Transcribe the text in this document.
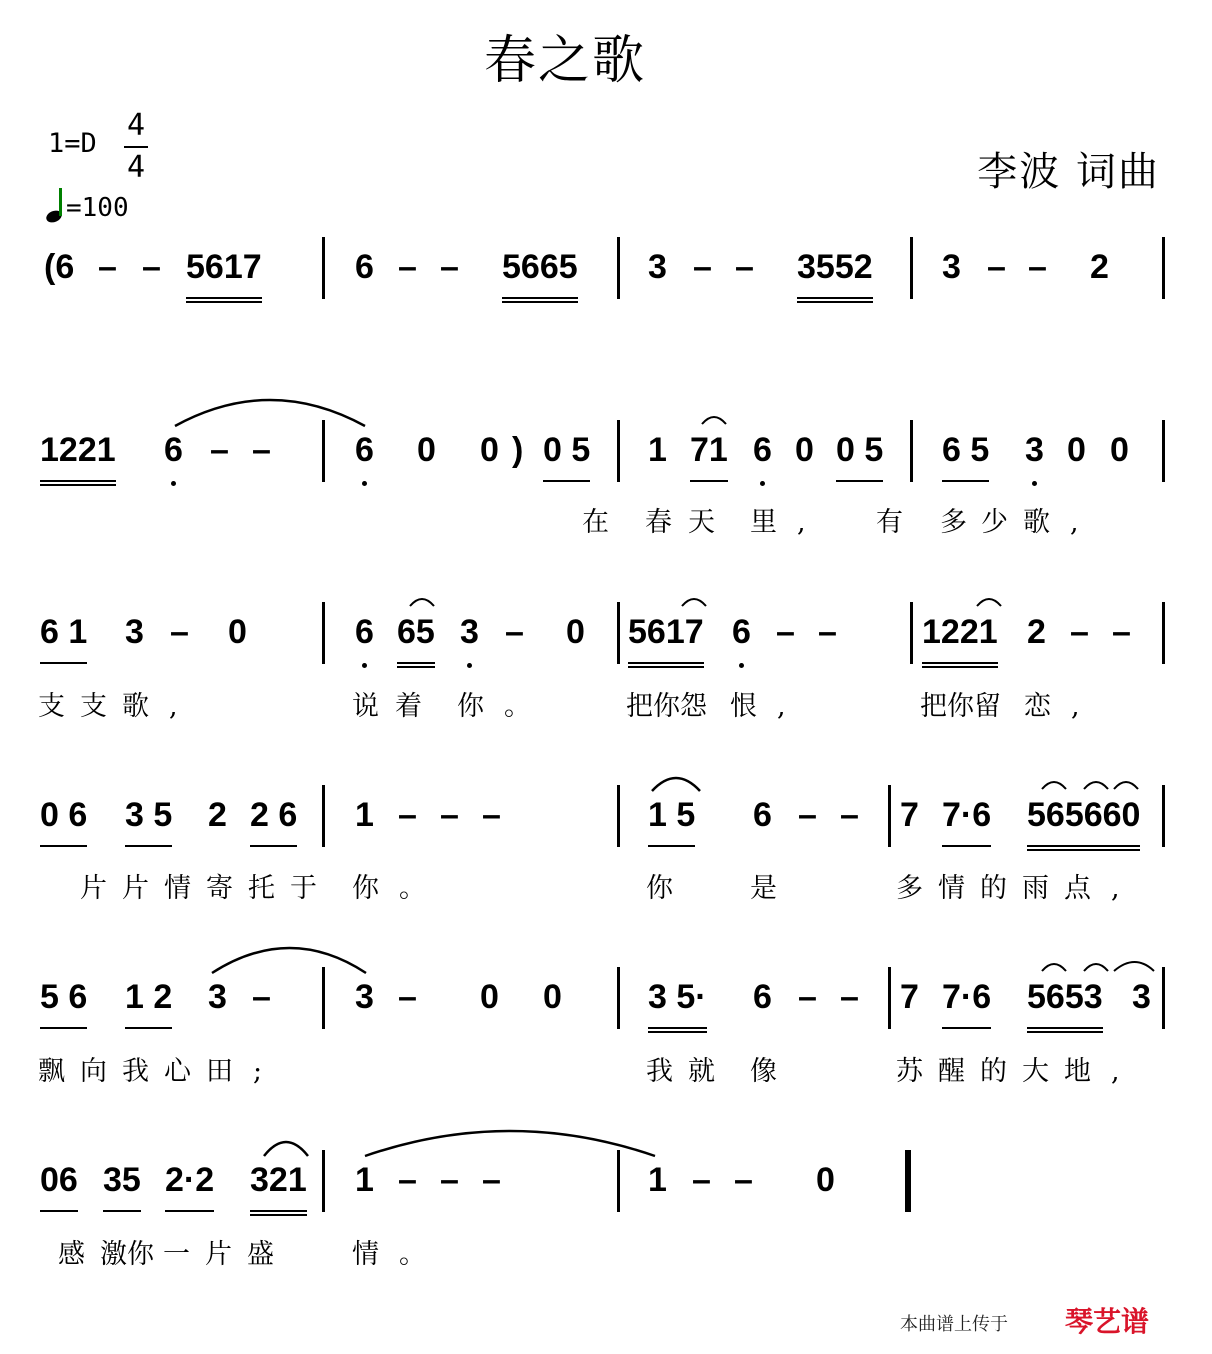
春之歌
1=D
4
4
=100
李波 词曲
(6 – – 5617	6 – – 5665 3 – – 3552 3 – – 2
1221 6 – – 6 0 0 ) 0 5 1 71 6 0 0 5 6 5 3 0 0
在 春
天 里, 有 多
少
歌,
6 1 3 – 0	6 65 3 – 0 5617 6 – –	1221 2 – –
支
支
歌,	说
着 你。	把你怨 恨,	把你留 恋,
0 6 3 5 2 2 6 1 – – –	1 5 6 – – 7 7·6 565660
片
片
情
寄
托
于 你。	你 是	多
情
的
雨
点,
5 6 1 2 3 – 3 – 0 0	3 5· 6 – – 7 7·6 5653 3
飘
向
我
心
田;	我
就 像	苏
醒
的
大
地,
06 35 2·2 321 1 – – –	1 – – 0
感
激你 一
片
盛 情。
本曲谱上传于 琴艺谱
